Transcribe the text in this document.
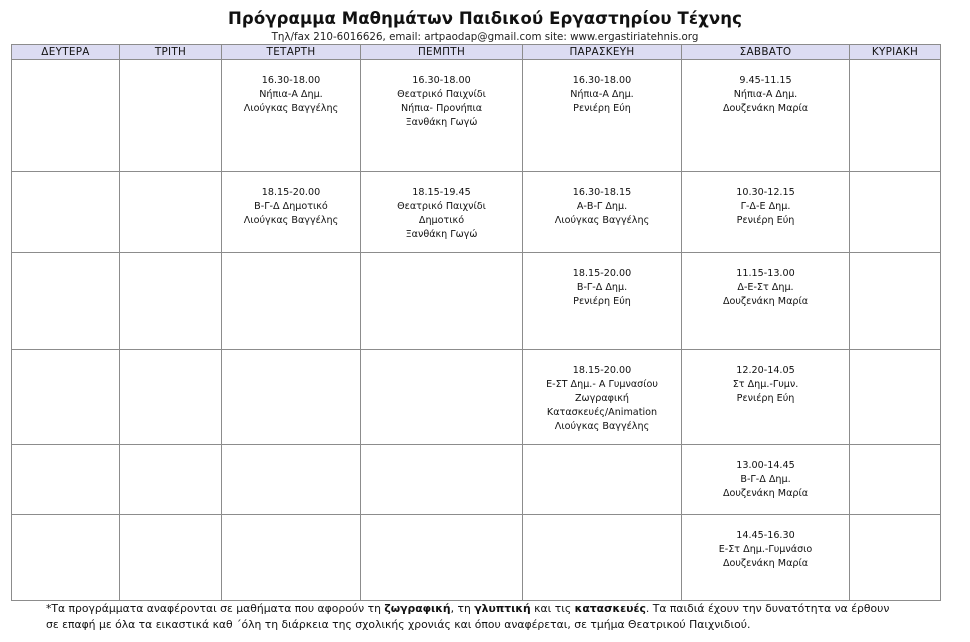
Πρόγραμμα Μαθημάτων Παιδικού Εργαστηρίου Τέχνης
Τηλ/fax 210-6016626, email: artpaodap@gmail.com site: www.ergastiriatehnis.org
ΔΕΥΤΕΡΑ	ΤΡΙΤΗ	ΤΕΤΑΡΤΗ	ΠΕΜΠΤΗ	ΠΑΡΑΣΚΕΥΗ	ΣΑΒΒΑΤΟ	ΚΥΡΙΑΚΗ

		16.30-18.00
Νήπια-Α Δημ.
Λιούγκας Βαγγέλης	16.30-18.00
Θεατρικό Παιχνίδι
Νήπια- Προνήπια
Ξανθάκη Γωγώ	16.30-18.00
Νήπια-Α Δημ.
Ρενιέρη Εύη	9.45-11.15
Νήπια-Α Δημ.
Δουζενάκη Μαρία	

		18.15-20.00
Β-Γ-Δ Δημοτικό
Λιούγκας Βαγγέλης	18.15-19.45
Θεατρικό Παιχνίδι
Δημοτικό
Ξανθάκη Γωγώ	16.30-18.15
Α-Β-Γ Δημ.
Λιούγκας Βαγγέλης	10.30-12.15
Γ-Δ-Ε Δημ.
Ρενιέρη Εύη	

				18.15-20.00
Β-Γ-Δ Δημ.
Ρενιέρη Εύη	11.15-13.00
Δ-Ε-Στ Δημ.
Δουζενάκη Μαρία	

				18.15-20.00
Ε-ΣΤ Δημ.- Α Γυμνασίου
Ζωγραφική
Κατασκευές/Animation
Λιούγκας Βαγγέλης	12.20-14.05
Στ Δημ.-Γυμν.
Ρενιέρη Εύη	

					13.00-14.45
Β-Γ-Δ Δημ.
Δουζενάκη Μαρία	

					14.45-16.30
Ε-Στ Δημ.-Γυμνάσιο
Δουζενάκη Μαρία	

*Τα προγράμματα αναφέρονται σε μαθήματα που αφορούν τη ζωγραφική, τη γλυπτική και τις κατασκευές. Τα παιδιά έχουν την δυνατότητα να έρθουν
σε επαφή με όλα τα εικαστικά καθ ΄όλη τη διάρκεια της σχολικής χρονιάς και όπου αναφέρεται, σε τμήμα Θεατρικού Παιχνιδιού.
